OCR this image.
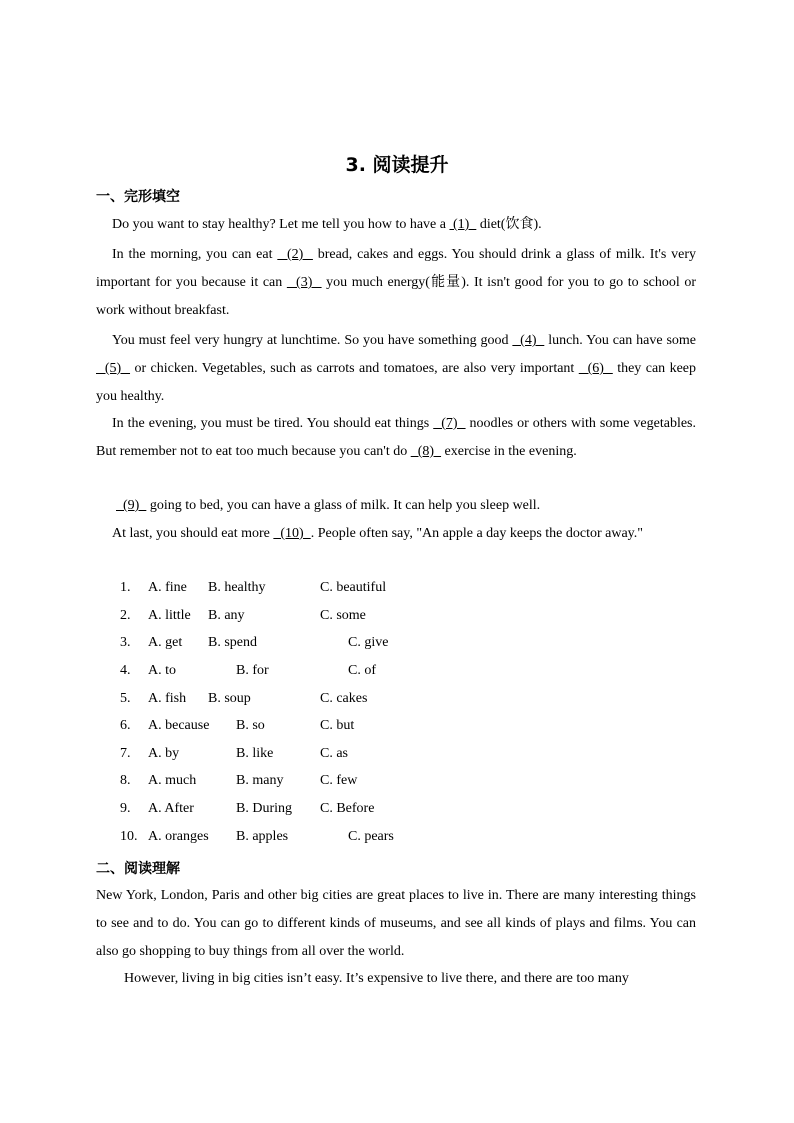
3. 阅读提升
一、完形填空
Do you want to stay healthy? Let me tell you how to have a  (1)   diet(饮食).
In the morning, you can eat   (2)   bread, cakes and eggs. You should drink a glass of milk. It's very important for you because it can   (3)   you much energy(能量). It isn't good for you to go to school or work without breakfast.
You must feel very hungry at lunchtime. So you have something good   (4)   lunch. You can have some   (5)   or chicken. Vegetables, such as carrots and tomatoes, are also very important   (6)   they can keep you healthy.
In the evening, you must be tired. You should eat things   (7)   noodles or others with some vegetables. But remember not to eat too much because you can't do   (8)   exercise in the evening.
(9)   going to bed, you can have a glass of milk. It can help you sleep well.
At last, you should eat more   (10)  . People often say, "An apple a day keeps the doctor away."
1. A. fine B. healthy	C. beautiful
2. A. little B. any	C. some
3. A. get B. spend	C. give
4. A. to	B. for	C. of
5. A. fish B. soup	C. cakes
6. A. because B. so	C. but
7. A. by	B. like	C. as
8. A. much	B. many	C. few
9. A. After	B. During C. Before
10. A. oranges B. apples	C. pears
二、阅读理解
New York, London, Paris and other big cities are great places to live in. There are many interesting things to see and to do. You can go to different kinds of museums, and see all kinds of plays and films. You can also go shopping to buy things from all over the world.
However, living in big cities isn’t easy. It’s expensive to live there, and there are too many
